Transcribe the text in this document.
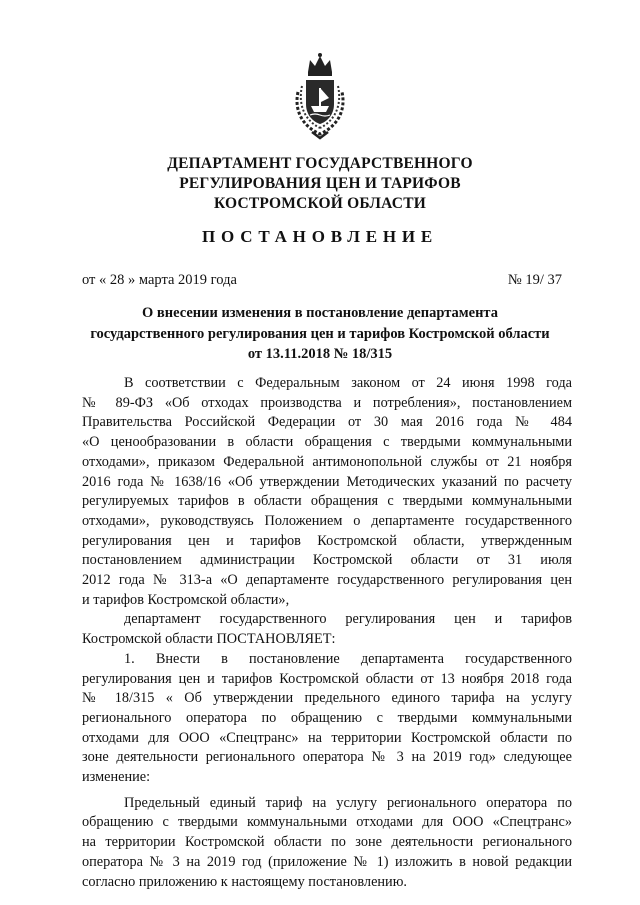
ДЕПАРТАМЕНТ ГОСУДАРСТВЕННОГО
РЕГУЛИРОВАНИЯ ЦЕН И ТАРИФОВ
КОСТРОМСКОЙ ОБЛАСТИ
ПОСТАНОВЛЕНИЕ
от « 28 » марта 2019 года	№ 19/ 37
О внесении изменения в постановление департамента
государственного регулирования цен и тарифов Костромской области
от 13.11.2018 № 18/315
В соответствии с Федеральным законом от 24 июня 1998 года
№ 89-ФЗ «Об отходах производства и потребления», постановлением
Правительства Российской Федерации от 30 мая 2016 года № 484
«О ценообразовании в области обращения с твердыми коммунальными
отходами», приказом Федеральной антимонопольной службы от 21 ноября
2016 года № 1638/16 «Об утверждении Методических указаний по расчету
регулируемых тарифов в области обращения с твердыми коммунальными
отходами», руководствуясь Положением о департаменте государственного
регулирования цен и тарифов Костромской области, утвержденным
постановлением администрации Костромской области от 31 июля
2012 года № 313-а «О департаменте государственного регулирования цен
и тарифов Костромской области»,
департамент государственного регулирования цен и тарифов
Костромской области ПОСТАНОВЛЯЕТ:
1. Внести в постановление департамента государственного
регулирования цен и тарифов Костромской области от 13 ноября 2018 года
№ 18/315 « Об утверждении предельного единого тарифа на услугу
регионального оператора по обращению с твердыми коммунальными
отходами для ООО «Спецтранс» на территории Костромской области по
зоне деятельности регионального оператора № 3 на 2019 год» следующее
изменение:
Предельный единый тариф на услугу регионального оператора по
обращению с твердыми коммунальными отходами для ООО «Спецтранс»
на территории Костромской области по зоне деятельности регионального
оператора № 3 на 2019 год (приложение № 1) изложить в новой редакции
согласно приложению к настоящему постановлению.
